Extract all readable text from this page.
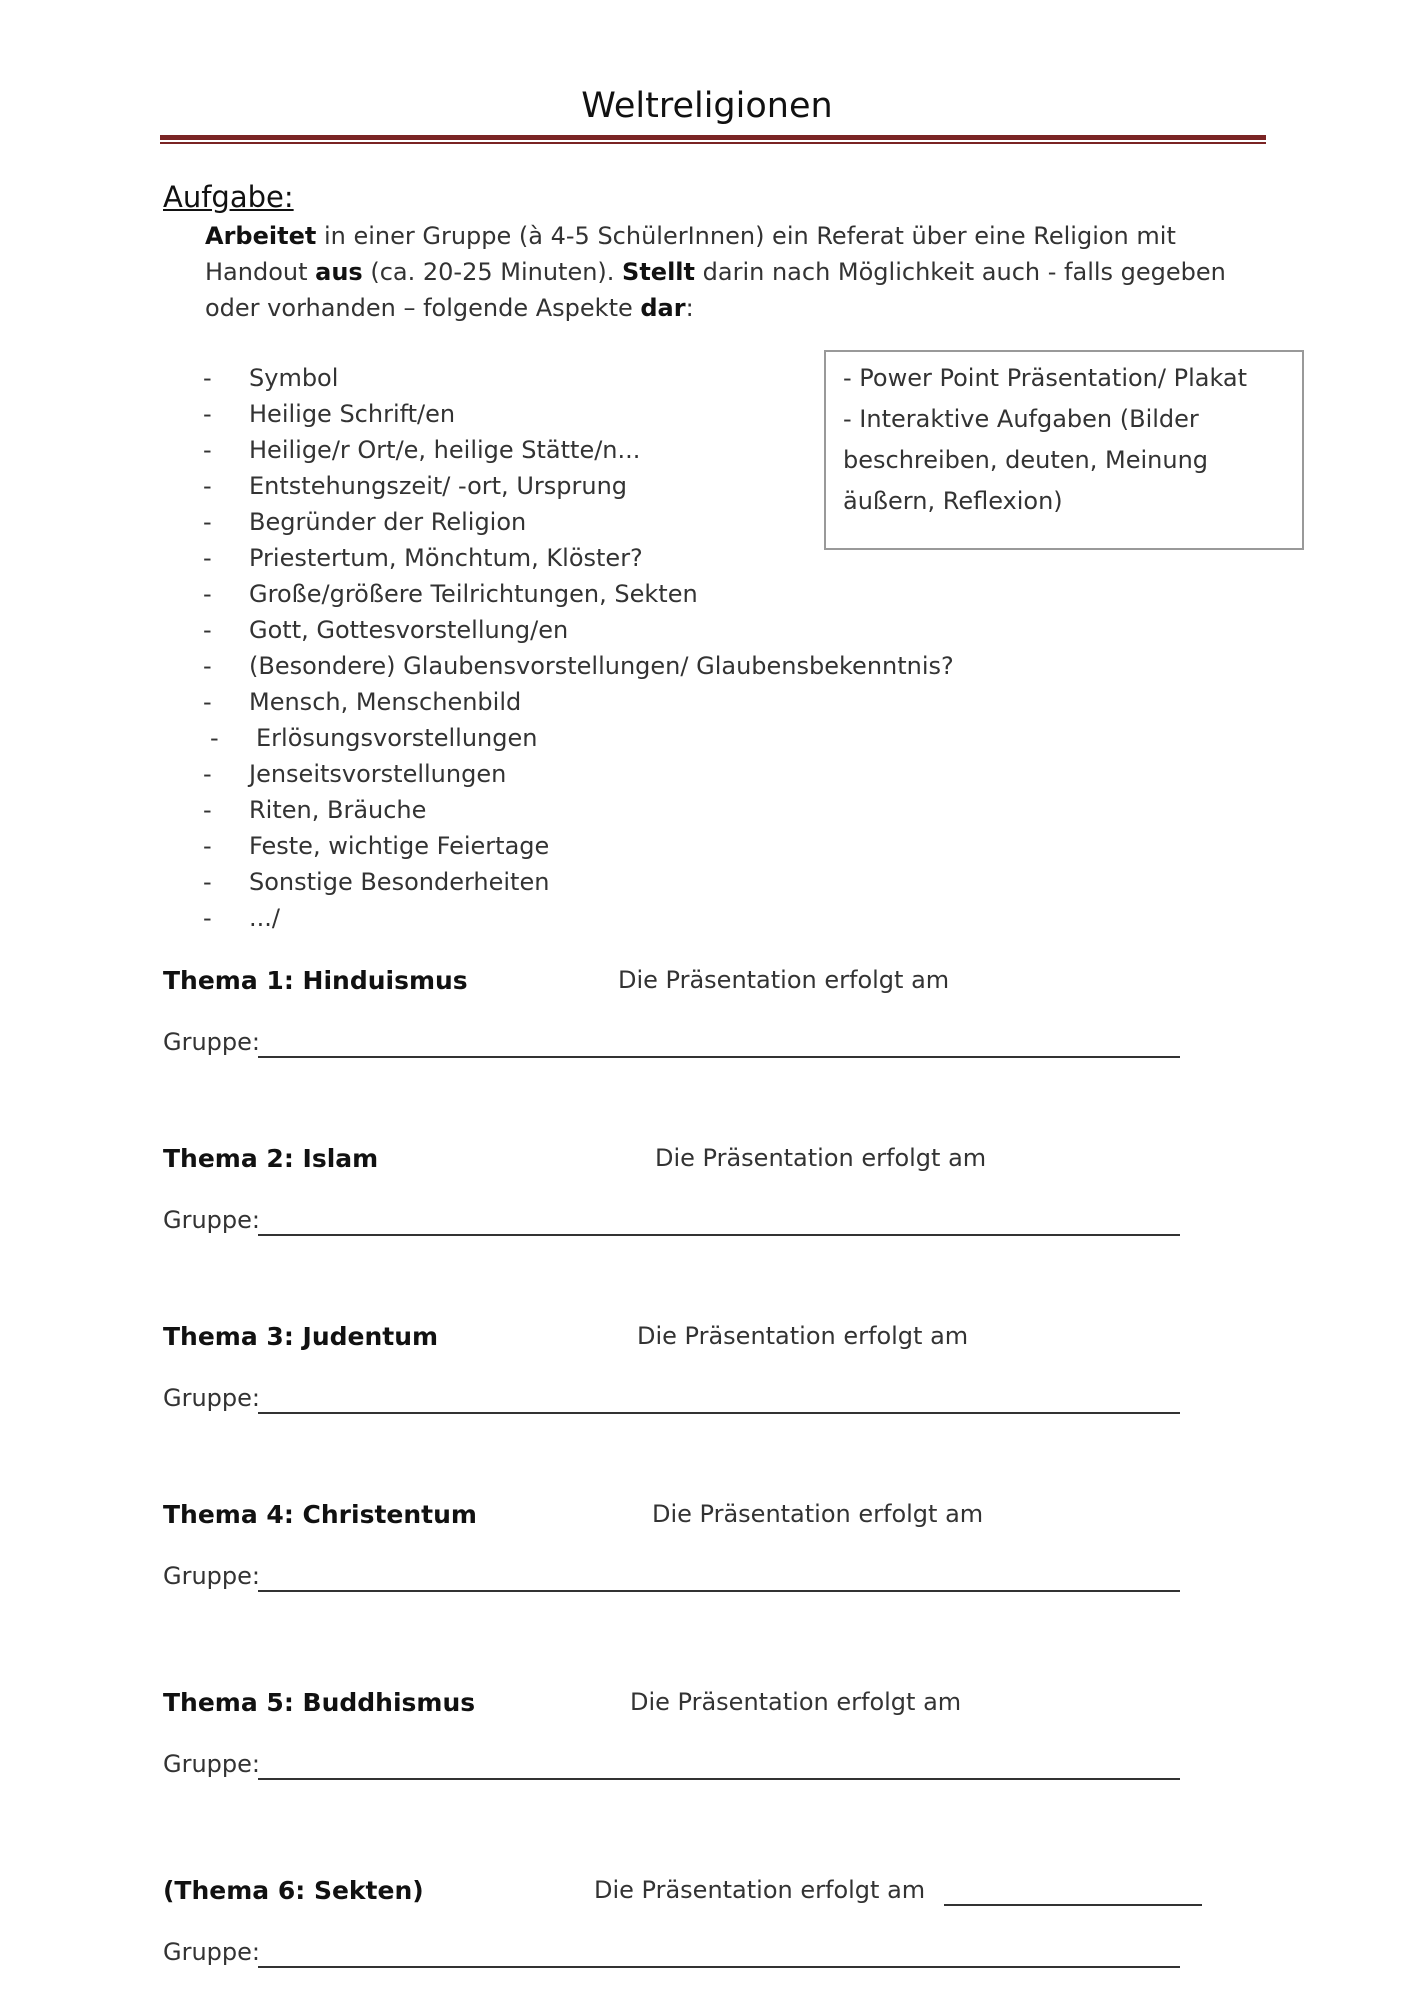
Weltreligionen
Aufgabe:
Arbeitet in einer Gruppe (à 4-5 SchülerInnen) ein Referat über eine Religion mit
Handout aus (ca. 20-25 Minuten). Stellt darin nach Möglichkeit auch - falls gegeben
oder vorhanden – folgende Aspekte dar:
- Symbol
- Heilige Schrift/en
- Heilige/r Ort/e, heilige Stätte/n...
- Entstehungszeit/ -ort, Ursprung
- Begründer der Religion
- Priestertum, Mönchtum, Klöster?
- Große/größere Teilrichtungen, Sekten
- Gott, Gottesvorstellung/en
- (Besondere) Glaubensvorstellungen/ Glaubensbekenntnis?
- Mensch, Menschenbild
- Erlösungsvorstellungen
- Jenseitsvorstellungen
- Riten, Bräuche
- Feste, wichtige Feiertage
- Sonstige Besonderheiten
- .../
- Power Point Präsentation/ Plakat
- Interaktive Aufgaben (Bilder
beschreiben, deuten, Meinung
äußern, Reflexion)
Thema 1: Hinduismus	Die Präsentation erfolgt am
Gruppe:
Thema 2: Islam	Die Präsentation erfolgt am
Gruppe:
Thema 3: Judentum	Die Präsentation erfolgt am
Gruppe:
Thema 4: Christentum	Die Präsentation erfolgt am
Gruppe:
Thema 5: Buddhismus	Die Präsentation erfolgt am
Gruppe:
(Thema 6: Sekten)	Die Präsentation erfolgt am
Gruppe:
